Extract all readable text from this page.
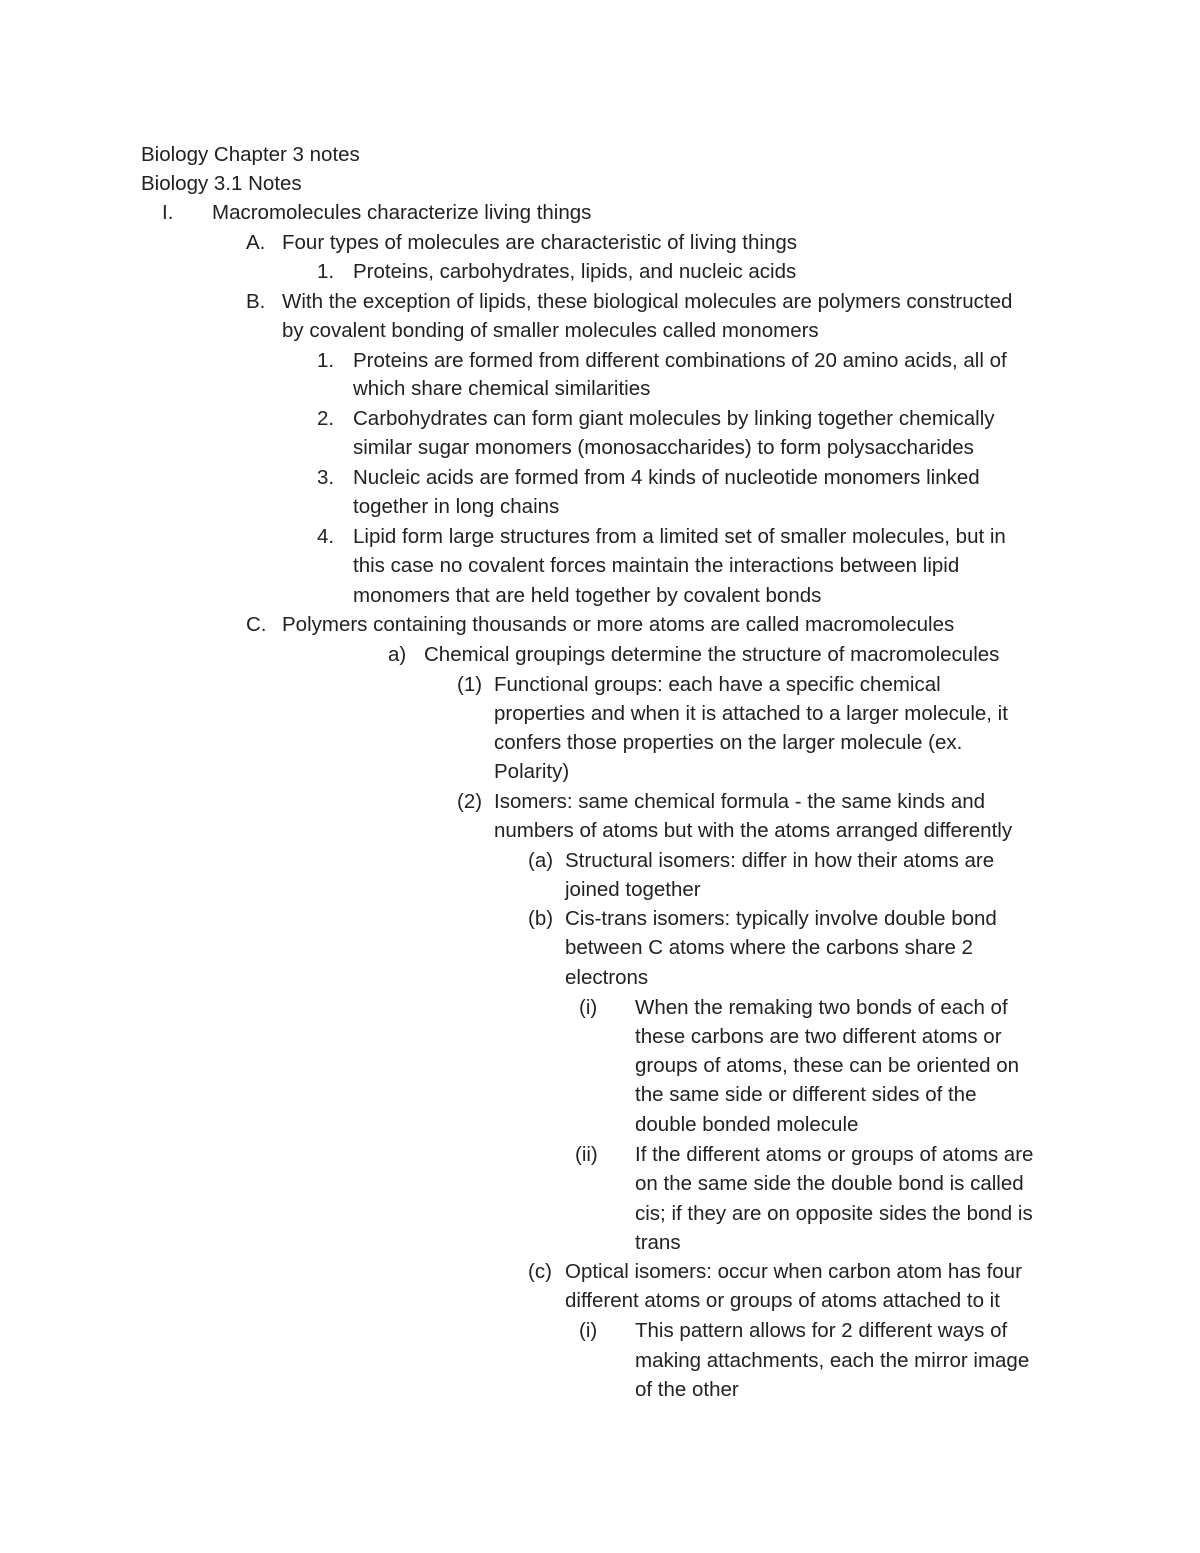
Biology Chapter 3 notes
Biology 3.1 Notes
I. Macromolecules characterize living things
A. Four types of molecules are characteristic of living things
1. Proteins, carbohydrates, lipids, and nucleic acids
B. With the exception of lipids, these biological molecules are polymers constructed
by covalent bonding of smaller molecules called monomers
1. Proteins are formed from different combinations of 20 amino acids, all of
which share chemical similarities
2. Carbohydrates can form giant molecules by linking together chemically
similar sugar monomers (monosaccharides) to form polysaccharides
3. Nucleic acids are formed from 4 kinds of nucleotide monomers linked
together in long chains
4. Lipid form large structures from a limited set of smaller molecules, but in
this case no covalent forces maintain the interactions between lipid
monomers that are held together by covalent bonds
C. Polymers containing thousands or more atoms are called macromolecules
a) Chemical groupings determine the structure of macromolecules
(1) Functional groups: each have a specific chemical
properties and when it is attached to a larger molecule, it
confers those properties on the larger molecule (ex.
Polarity)
(2) Isomers: same chemical formula - the same kinds and
numbers of atoms but with the atoms arranged differently
(a) Structural isomers: differ in how their atoms are
joined together
(b) Cis-trans isomers: typically involve double bond
between C atoms where the carbons share 2
electrons
(i) When the remaking two bonds of each of
these carbons are two different atoms or
groups of atoms, these can be oriented on
the same side or different sides of the
double bonded molecule
(ii) If the different atoms or groups of atoms are
on the same side the double bond is called
cis; if they are on opposite sides the bond is
trans
(c) Optical isomers: occur when carbon atom has four
different atoms or groups of atoms attached to it
(i) This pattern allows for 2 different ways of
making attachments, each the mirror image
of the other
